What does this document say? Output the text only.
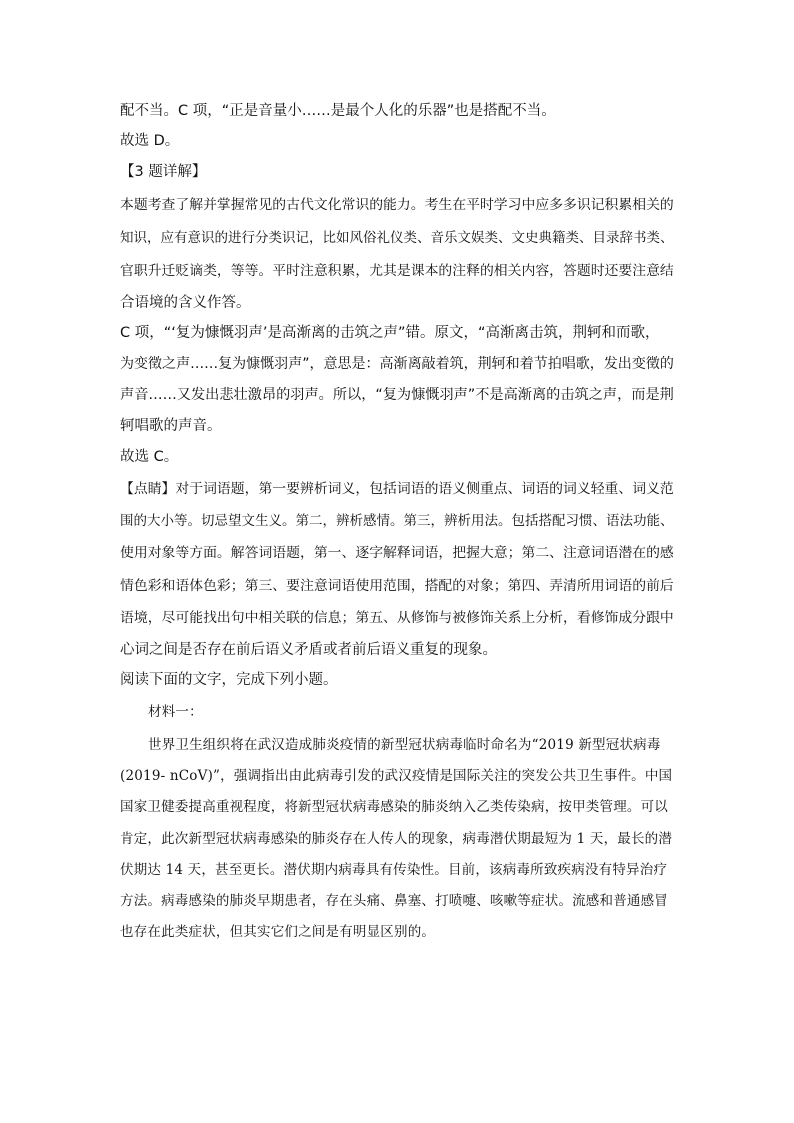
配不当。C 项，“正是音量小……是最个人化的乐器”也是搭配不当。
故选 D。
【3 题详解】
本题考查了解并掌握常见的古代文化常识的能力。考生在平时学习中应多多识记积累相关的
知识，应有意识的进行分类识记，比如风俗礼仪类、音乐文娱类、文史典籍类、目录辞书类、
官职升迁贬谪类，等等。平时注意积累，尤其是课本的注释的相关内容，答题时还要注意结
合语境的含义作答。
C 项，“‘复为慷慨羽声’是高渐离的击筑之声”错。原文，“高渐离击筑，荆轲和而歌，
为变徵之声……复为慷慨羽声”，意思是：高渐离敲着筑，荆轲和着节拍唱歌，发出变徵的
声音……又发出悲壮激昂的羽声。所以，“复为慷慨羽声”不是高渐离的击筑之声，而是荆
轲唱歌的声音。
故选 C。
【点睛】对于词语题，第一要辨析词义，包括词语的语义侧重点、词语的词义轻重、词义范
围的大小等。切忌望文生义。第二，辨析感情。第三，辨析用法。包括搭配习惯、语法功能、
使用对象等方面。解答词语题，第一、逐字解释词语，把握大意；第二、注意词语潜在的感
情色彩和语体色彩；第三、要注意词语使用范围，搭配的对象；第四、弄清所用词语的前后
语境，尽可能找出句中相关联的信息；第五、从修饰与被修饰关系上分析，看修饰成分跟中
心词之间是否存在前后语义矛盾或者前后语义重复的现象。
阅读下面的文字，完成下列小题。
材料一：
世界卫生组织将在武汉造成肺炎疫情的新型冠状病毒临时命名为“2019 新型冠状病毒
(2019- nCoV)”，强调指出由此病毒引发的武汉疫情是国际关注的突发公共卫生事件。中国
国家卫健委提高重视程度，将新型冠状病毒感染的肺炎纳入乙类传染病，按甲类管理。可以
肯定，此次新型冠状病毒感染的肺炎存在人传人的现象，病毒潜伏期最短为 1 天，最长的潜
伏期达 14 天，甚至更长。潜伏期内病毒具有传染性。目前，该病毒所致疾病没有特异治疗
方法。病毒感染的肺炎早期患者，存在头痛、鼻塞、打喷嚏、咳嗽等症状。流感和普通感冒
也存在此类症状，但其实它们之间是有明显区别的。
